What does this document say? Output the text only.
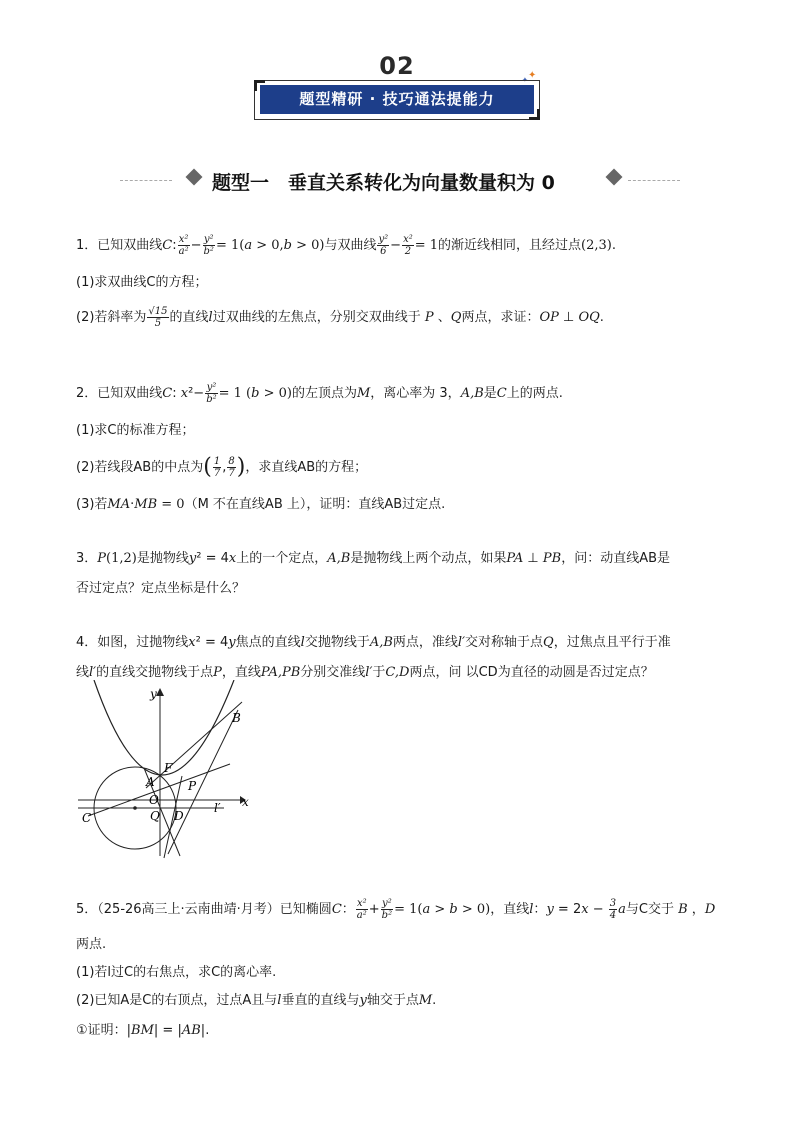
02	✦
✦
题型精研 · 技巧通法提能力
题型一　垂直关系转化为向量数量积为 0
1．已知双曲线C: $\frac{\text{x²}}{\text{a²}} - \frac{\text{y²}}{\text{b²}} = 1(a > 0,b > 0)$与双曲线 $\frac{\text{y²}}{6} - \frac{\text{x²}}{2} = 1$的渐近线相同，且经过点(2,3).
(1)求双曲线C的方程；
(2)若斜率为 $\frac{√15}{5}$ 的直线l过双曲线的左焦点，分别交双曲线于 P 、Q两点，求证：OP ⊥ OQ.
2．已知双曲线C: $x^2- \frac{\text{y²}}{\text{b²}} = 1$ (b > 0)的左顶点为M，离心率为 3，A,B是C上的两点.
(1)求C的标准方程；
(2)若线段AB的中点为( $\frac{1}{7}$ , $\frac{8}{7}$ )，求直线AB的方程；
(3)若MA·MB = 0（M 不在直线AB 上），证明：直线AB过定点.
3．P(1,2)是抛物线y² = 4x上的一个定点，A,B是抛物线上两个动点，如果PA ⊥ PB，问：动直线AB是
否过定点？定点坐标是什么？
4．如图，过抛物线x² = 4y焦点的直线l交抛物线于A,B两点，准线l′交对称轴于点Q，过焦点且平行于准
线l′的直线交抛物线于点P，直线PA,PB分别交准线l′于C,D两点，问 以CD为直径的动圆是否过定点？
x
y
B
F
A	P
O
C	Q D
l′
5．（25-26高三上·云南曲靖·月考）已知椭圆C： $\frac{\text{x²}}{\text{a²}} + \frac{\text{y²}}{\text{b²}} = 1(a > b > 0)$，直线l：$y = 2x - \frac{3}{4}$ a与C交于 B ，D
两点.
(1)若l过C的右焦点，求C的离心率.
(2)已知A是C的右顶点，过点A且与l垂直的直线与y轴交于点M.
①证明：|BM| = |AB|.
